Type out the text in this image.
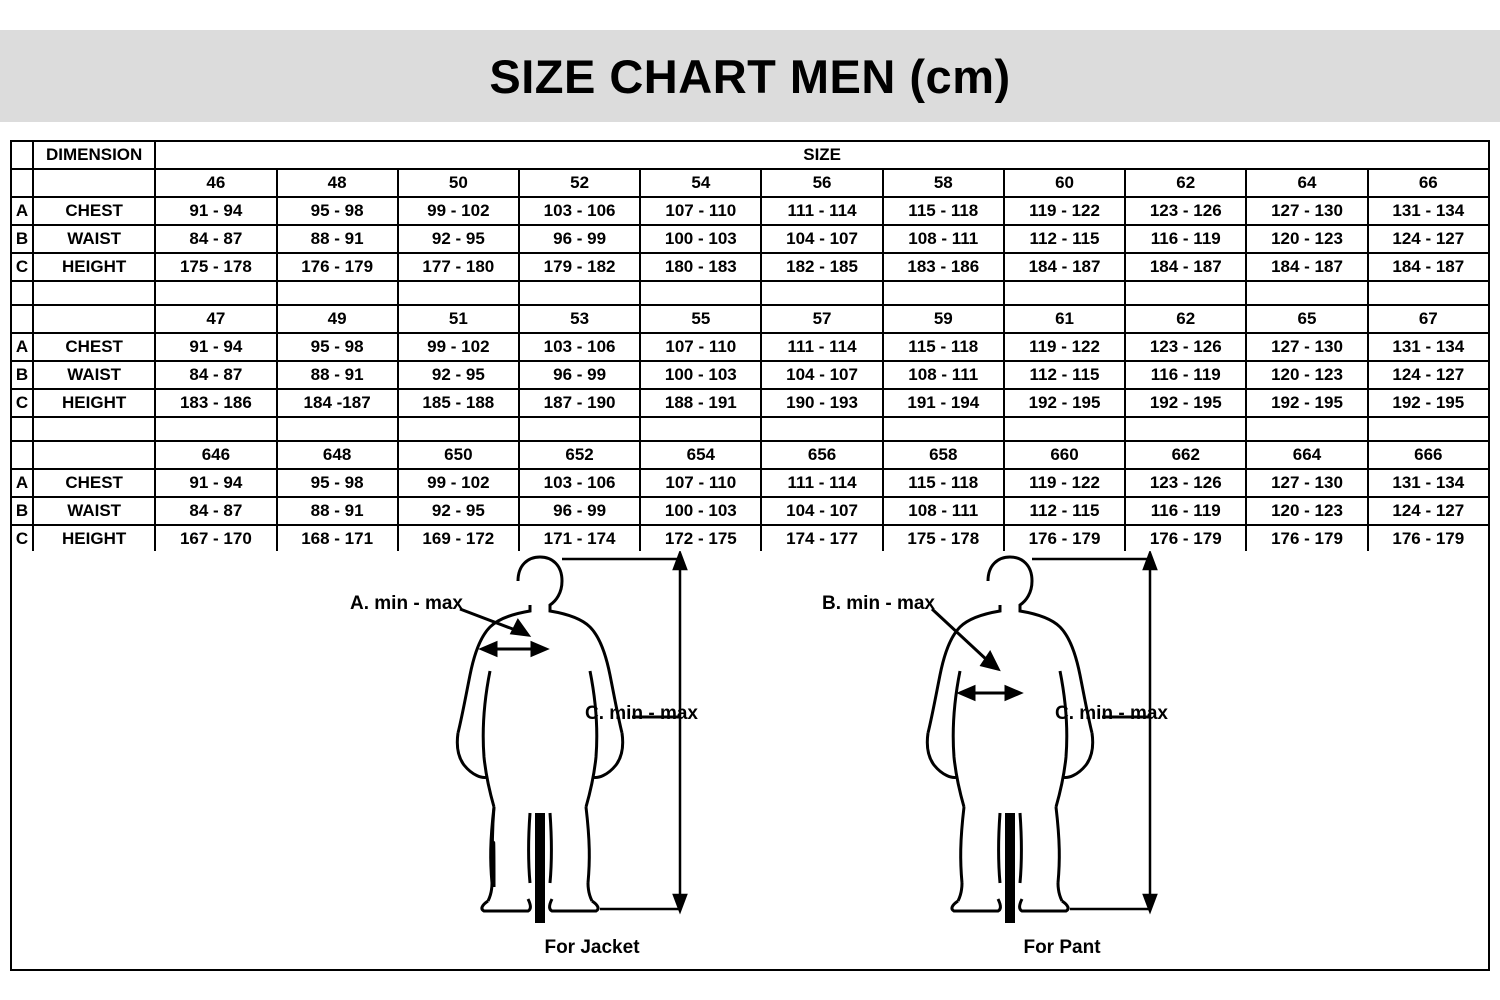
SIZE CHART MEN (cm)
	DIMENSION	SIZE										
		46	48	50	52	54	56	58	60	62	64	66
A	CHEST	91 - 94	95 - 98	99 - 102	103 - 106	107 - 110	111 - 114	115 - 118	119 - 122	123 - 126	127 - 130	131 - 134
B	WAIST	84 - 87	88 - 91	92 - 95	96 - 99	100 - 103	104 - 107	108 - 111	112 - 115	116 - 119	120 - 123	124 - 127
C	HEIGHT	175 - 178	176 - 179	177 - 180	179 - 182	180 - 183	182 - 185	183 - 186	184 - 187	184 - 187	184 - 187	184 - 187

		47	49	51	53	55	57	59	61	62	65	67
A	CHEST	91 - 94	95 - 98	99 - 102	103 - 106	107 - 110	111 - 114	115 - 118	119 - 122	123 - 126	127 - 130	131 - 134
B	WAIST	84 - 87	88 - 91	92 - 95	96 - 99	100 - 103	104 - 107	108 - 111	112 - 115	116 - 119	120 - 123	124 - 127
C	HEIGHT	183 - 186	184 -187	185 - 188	187 - 190	188 - 191	190 - 193	191 - 194	192 - 195	192 - 195	192 - 195	192 - 195

		646	648	650	652	654	656	658	660	662	664	666
A	CHEST	91 - 94	95 - 98	99 - 102	103 - 106	107 - 110	111 - 114	115 - 118	119 - 122	123 - 126	127 - 130	131 - 134
B	WAIST	84 - 87	88 - 91	92 - 95	96 - 99	100 - 103	104 - 107	108 - 111	112 - 115	116 - 119	120 - 123	124 - 127
C	HEIGHT	167 - 170	168 - 171	169 - 172	171 - 174	172 - 175	174 - 177	175 - 178	176 - 179	176 - 179	176 - 179	176 - 179
A. min - max
C. min - max
For Jacket
B. min - max
C. min - max
For Pant
